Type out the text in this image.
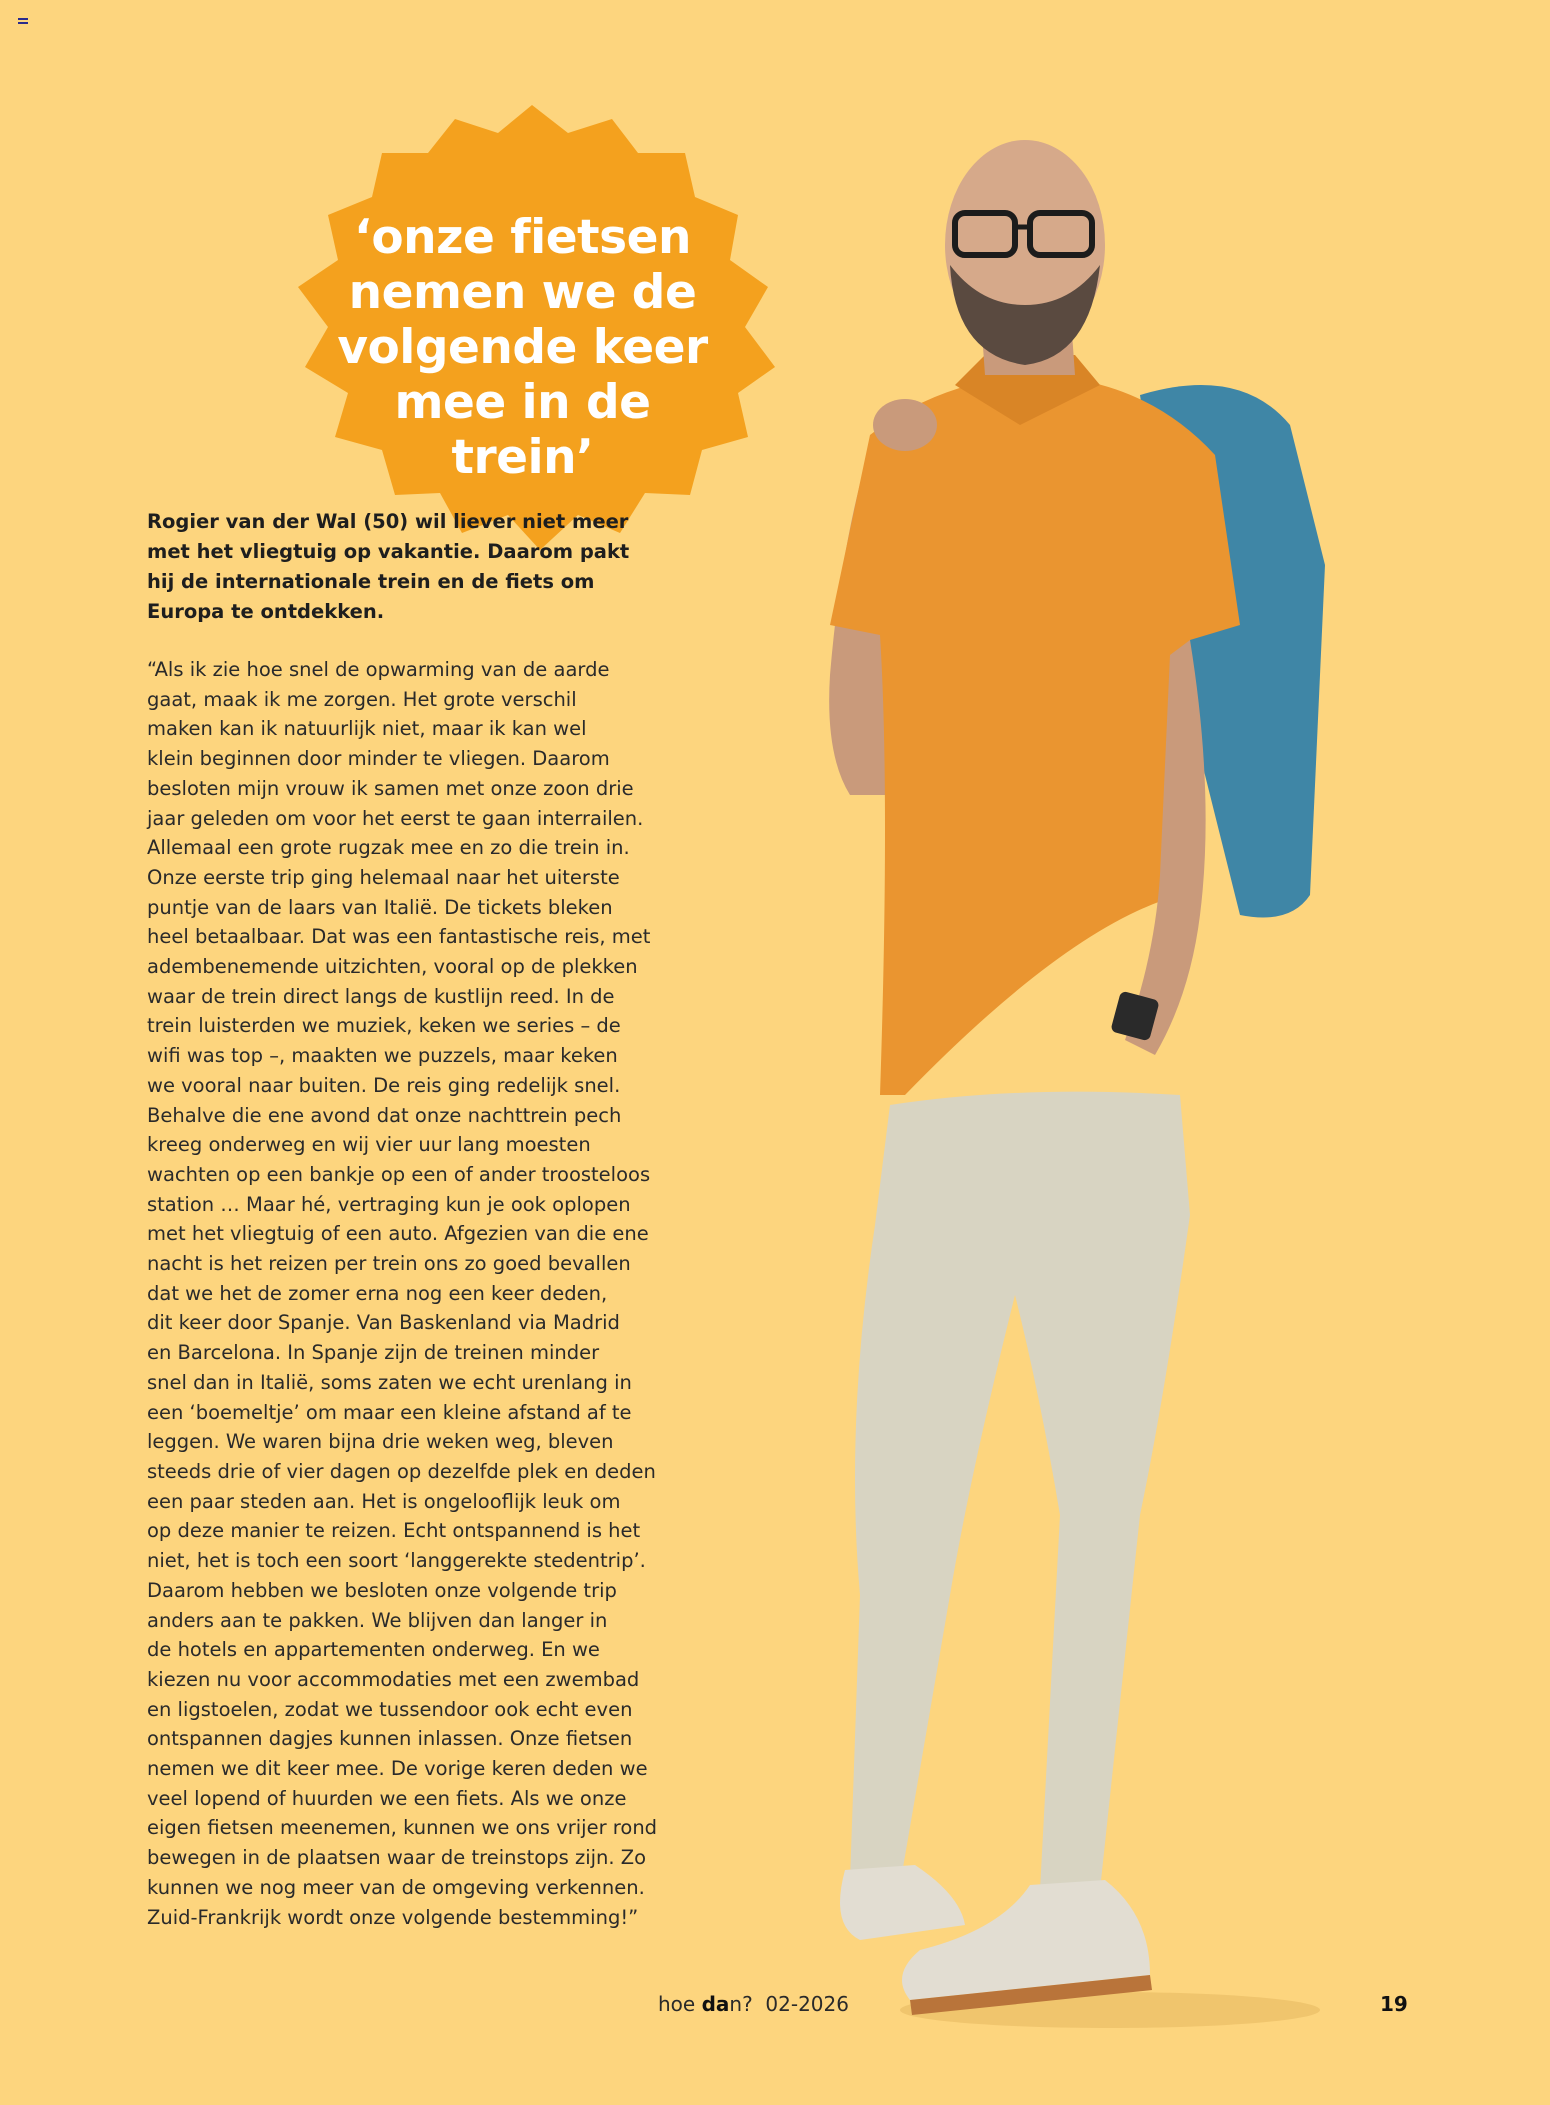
‘onze fietsen
nemen we de
volgende keer
mee in de
trein’
Rogier van der Wal (50) wil liever niet meer met het vliegtuig op vakantie. Daarom pakt hij de internationale trein en de fiets om Europa te ontdekken.
“Als ik zie hoe snel de opwarming van de aarde
gaat, maak ik me zorgen. Het grote verschil
maken kan ik natuurlijk niet, maar ik kan wel
klein beginnen door minder te vliegen. Daarom
besloten mijn vrouw ik samen met onze zoon drie
jaar geleden om voor het eerst te gaan interrailen.
Allemaal een grote rugzak mee en zo die trein in.
Onze eerste trip ging helemaal naar het uiterste
puntje van de laars van Italië. De tickets bleken
heel betaalbaar. Dat was een fantastische reis, met
adembenemende uitzichten, vooral op de plekken
waar de trein direct langs de kustlijn reed. In de
trein luisterden we muziek, keken we series – de
wifi was top –, maakten we puzzels, maar keken
we vooral naar buiten. De reis ging redelijk snel.
Behalve die ene avond dat onze nachttrein pech
kreeg onderweg en wij vier uur lang moesten
wachten op een bankje op een of ander troosteloos
station … Maar hé, vertraging kun je ook oplopen
met het vliegtuig of een auto. Afgezien van die ene
nacht is het reizen per trein ons zo goed bevallen
dat we het de zomer erna nog een keer deden,
dit keer door Spanje. Van Baskenland via Madrid
en Barcelona. In Spanje zijn de treinen minder
snel dan in Italië, soms zaten we echt urenlang in
een ‘boemeltje’ om maar een kleine afstand af te
leggen. We waren bijna drie weken weg, bleven
steeds drie of vier dagen op dezelfde plek en deden
een paar steden aan. Het is ongelooflijk leuk om
op deze manier te reizen. Echt ontspannend is het
niet, het is toch een soort ‘langgerekte stedentrip’.
Daarom hebben we besloten onze volgende trip
anders aan te pakken. We blijven dan langer in
de hotels en appartementen onderweg. En we
kiezen nu voor accommodaties met een zwembad
en ligstoelen, zodat we tussendoor ook echt even
ontspannen dagjes kunnen inlassen. Onze fietsen
nemen we dit keer mee. De vorige keren deden we
veel lopend of huurden we een fiets. Als we onze
eigen fietsen meenemen, kunnen we ons vrijer rond
bewegen in de plaatsen waar de treinstops zijn. Zo
kunnen we nog meer van de omgeving verkennen.
Zuid-Frankrijk wordt onze volgende bestemming!”
hoe dan? 02-2026	19
